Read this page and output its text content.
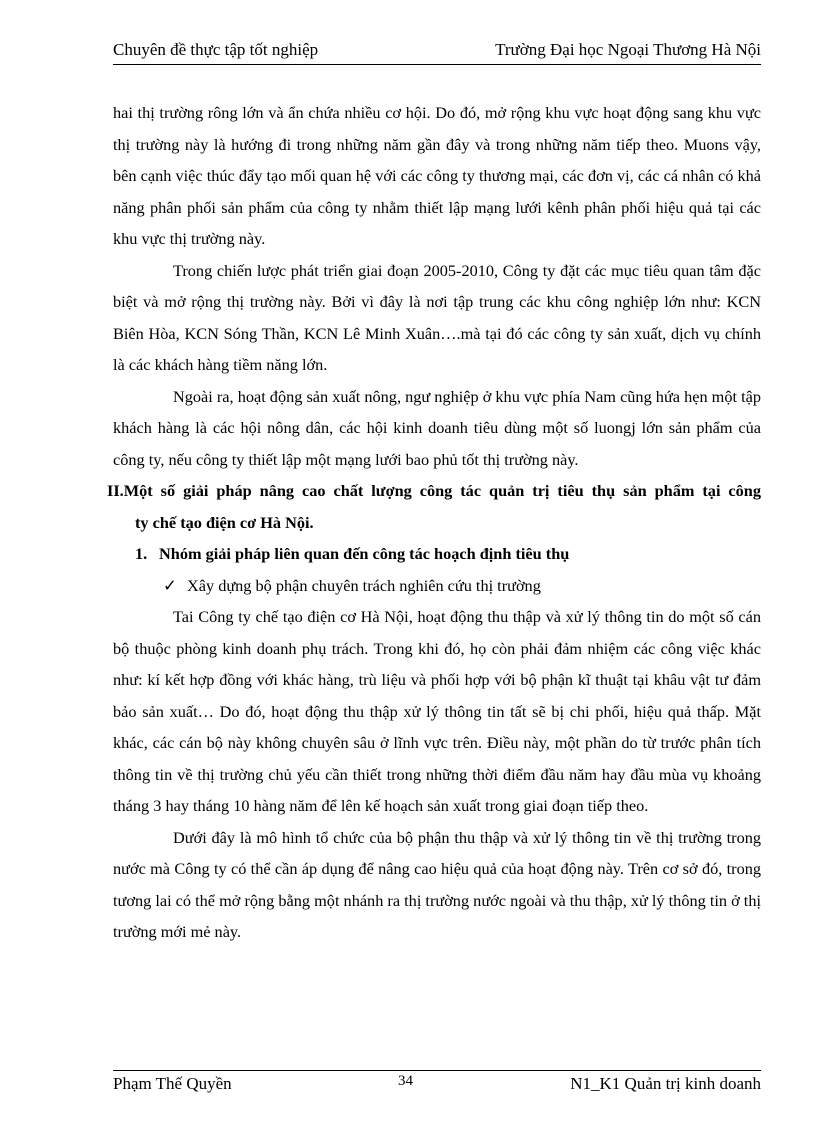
Chuyên đề thực tập tốt nghiệp	Trường Đại học Ngoại Thương Hà Nội

hai thị trường rông lớn và ẩn chứa nhiều cơ hội. Do đó, mở rộng khu vực hoạt động sang khu vực thị trường này là hướng đi trong những năm gần đây và trong những năm tiếp theo. Muons vậy, bên cạnh việc thúc đẩy tạo mối quan hệ với các công ty thương mại, các đơn vị, các cá nhân có khả năng phân phối sản phẩm của công ty nhằm thiết lập mạng lưới kênh phân phối hiệu quả tại các khu vực thị trường này.

Trong chiến lược phát triển giai đoạn 2005-2010, Công ty đặt các mục tiêu quan tâm đặc biệt và mở rộng thị trường này. Bởi vì đây là nơi tập trung các khu công nghiệp lớn như: KCN Biên Hòa, KCN Sóng Thần, KCN Lê Minh Xuân….mà tại đó các công ty sản xuất, dịch vụ chính là các khách hàng tiềm năng lớn.

Ngoài ra, hoạt động sản xuất nông, ngư nghiệp ở khu vực phía Nam cũng hứa hẹn một tập khách hàng là các hội nông dân, các hội kinh doanh tiêu dùng một số luongj lớn sản phẩm của công ty, nếu công ty thiết lập một mạng lưới bao phủ tốt thị trường này.

II.Một số giải pháp nâng cao chất lượng công tác quản trị tiêu thụ sản phẩm tại công
ty chế tạo điện cơ Hà Nội.

1. Nhóm giải pháp liên quan đến công tác hoạch định tiêu thụ

✓ Xây dựng bộ phận chuyên trách nghiên cứu thị trường

Tai Công ty chế tạo điện cơ Hà Nội, hoạt động thu thập và xử lý thông tin do một số cán bộ thuộc phòng kinh doanh phụ trách. Trong khi đó, họ còn phải đảm nhiệm các công việc khác như: kí kết hợp đồng với khác hàng, trù liệu và phối hợp với bộ phận kĩ thuật tại khâu vật tư đảm bảo sản xuất… Do đó, hoạt động thu thập xử lý thông tin tất sẽ bị chi phối, hiệu quả thấp. Mặt khác, các cán bộ này không chuyên sâu ở lĩnh vực trên. Điều này, một phần do từ trước phân tích thông tin về thị trường chủ yếu cần thiết trong những thời điểm đầu năm hay đầu mùa vụ khoảng tháng 3 hay tháng 10 hàng năm để lên kế hoạch sản xuất trong giai đoạn tiếp theo.

Dưới đây là mô hình tổ chức của bộ phận thu thập và xử lý thông tin về thị trường trong nước mà Công ty có thể cần áp dụng để nâng cao hiệu quả của hoạt động này. Trên cơ sở đó, trong tương lai có thể mở rộng bằng một nhánh ra thị trường nước ngoài và thu thập, xử lý thông tin ở thị trường mới mẻ này.

Phạm Thế Quyền	34	N1_K1 Quản trị kinh doanh
